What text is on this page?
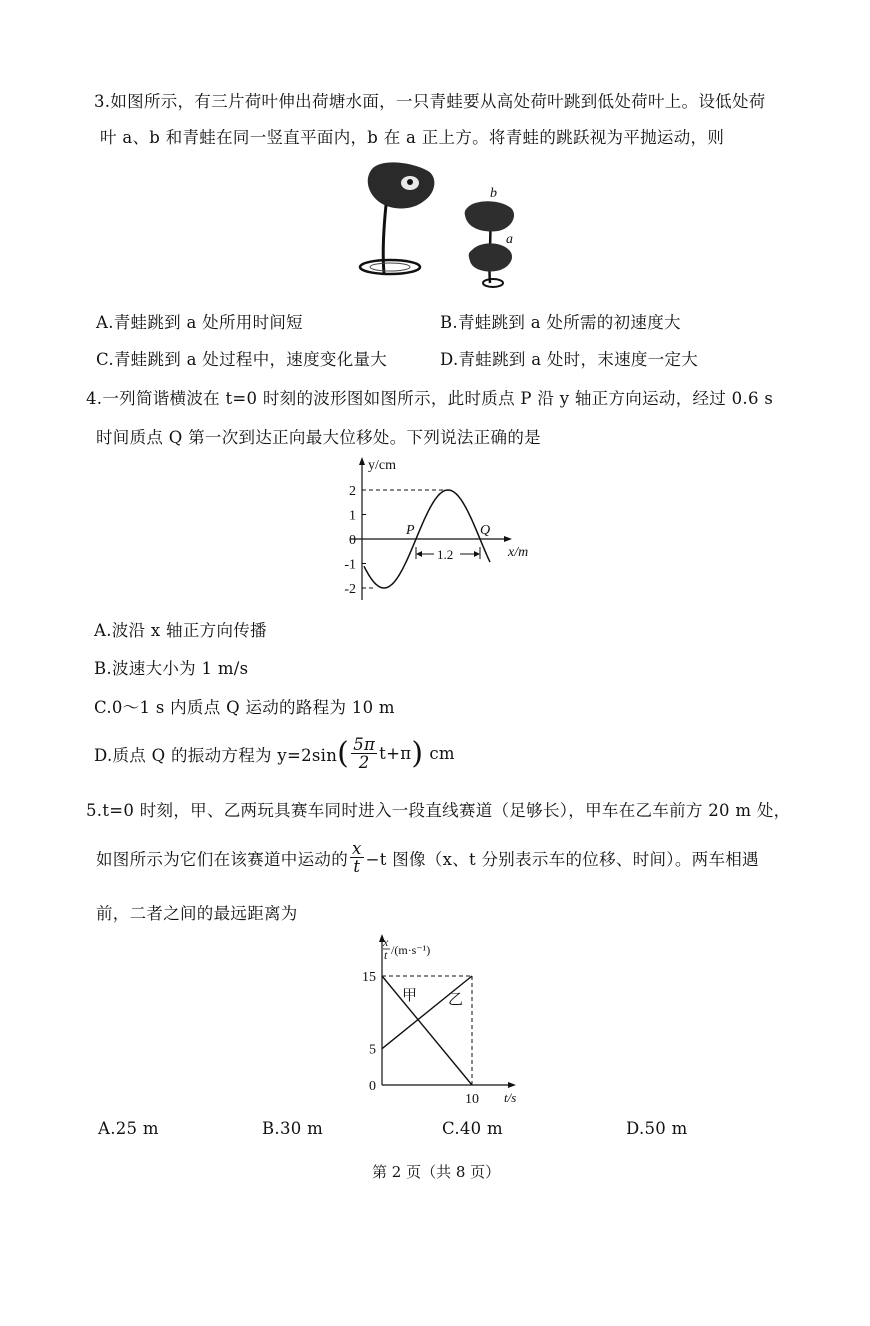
3.如图所示，有三片荷叶伸出荷塘水面，一只青蛙要从高处荷叶跳到低处荷叶上。设低处荷
叶 a、b 和青蛙在同一竖直平面内，b 在 a 正上方。将青蛙的跳跃视为平抛运动，则
b
a
A.青蛙跳到 a 处所用时间短	B.青蛙跳到 a 处所需的初速度大
C.青蛙跳到 a 处过程中，速度变化量大	D.青蛙跳到 a 处时，末速度一定大
4.一列简谐横波在 t=0 时刻的波形图如图所示，此时质点 P 沿 y 轴正方向运动，经过 0.6 s
时间质点 Q 第一次到达正向最大位移处。下列说法正确的是
y/cm
x/m
2
1
0
-1
-2
P	Q
1.2
A.波沿 x 轴正方向传播
B.波速大小为 1 m/s
C.0～1 s 内质点 Q 运动的路程为 10 m
D.质点 Q 的振动方程为 y=2sin ( $\frac{5\pi}{2} t+\pi$ ) cm
5.t=0 时刻，甲、乙两玩具赛车同时进入一段直线赛道（足够长），甲车在乙车前方 20 m 处，
如图所示为它们在该赛道中运动的 $\frac{x}{t} -t$ 图像（x、t 分别表示车的位移、时间）。两车相遇
前，二者之间的最远距离为
x
t /(m·s⁻¹)
t/s
15
5
0
10
甲 乙
A.25 m	B.30 m	C.40 m	D.50 m
第 2 页（共 8 页）
